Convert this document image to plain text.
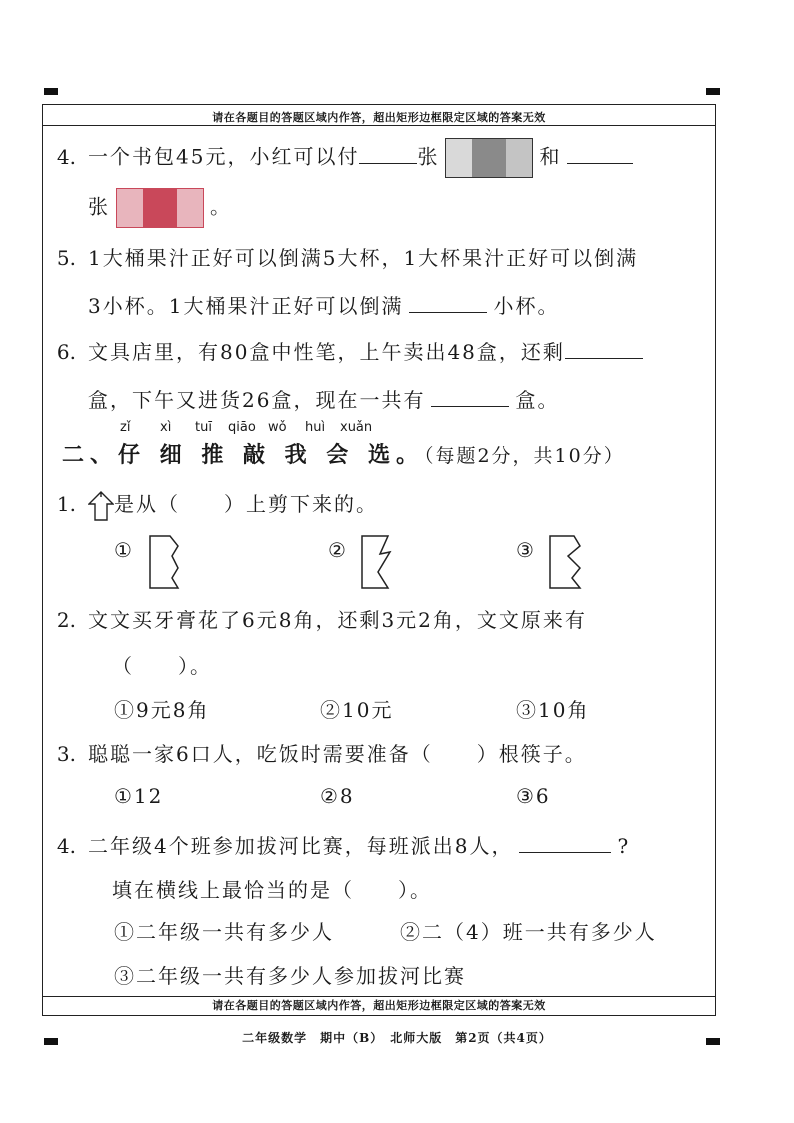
请在各题目的答题区域内作答，超出矩形边框限定区域的答案无效
请在各题目的答题区域内作答，超出矩形边框限定区域的答案无效
4. 一个书包45元，小红可以付	张	和
张	。
5. 1大桶果汁正好可以倒满5大杯，1大杯果汁正好可以倒满
3小杯。1大桶果汁正好可以倒满	小杯。
6. 文具店里，有80盒中性笔，上午卖出48盒，还剩
盒，下午又进货26盒，现在一共有	盒。
zǐ xì tuī qiāo wǒ huì xuǎn
二、仔 细 推 敲 我 会 选。（每题2分，共10分）
1. 是从（　　）上剪下来的。
①	②	③
2. 文文买牙膏花了6元8角，还剩3元2角，文文原来有
（　　）。
①9元8角	②10元	③10角
3. 聪聪一家6口人，吃饭时需要准备（　　）根筷子。
①12	②8	③6
4. 二年级4个班参加拔河比赛，每班派出8人，	?
填在横线上最恰当的是（　　）。
①二年级一共有多少人	②二（4）班一共有多少人
③二年级一共有多少人参加拔河比赛
二年级数学　期中（B）　北师大版　第2页（共4页）
